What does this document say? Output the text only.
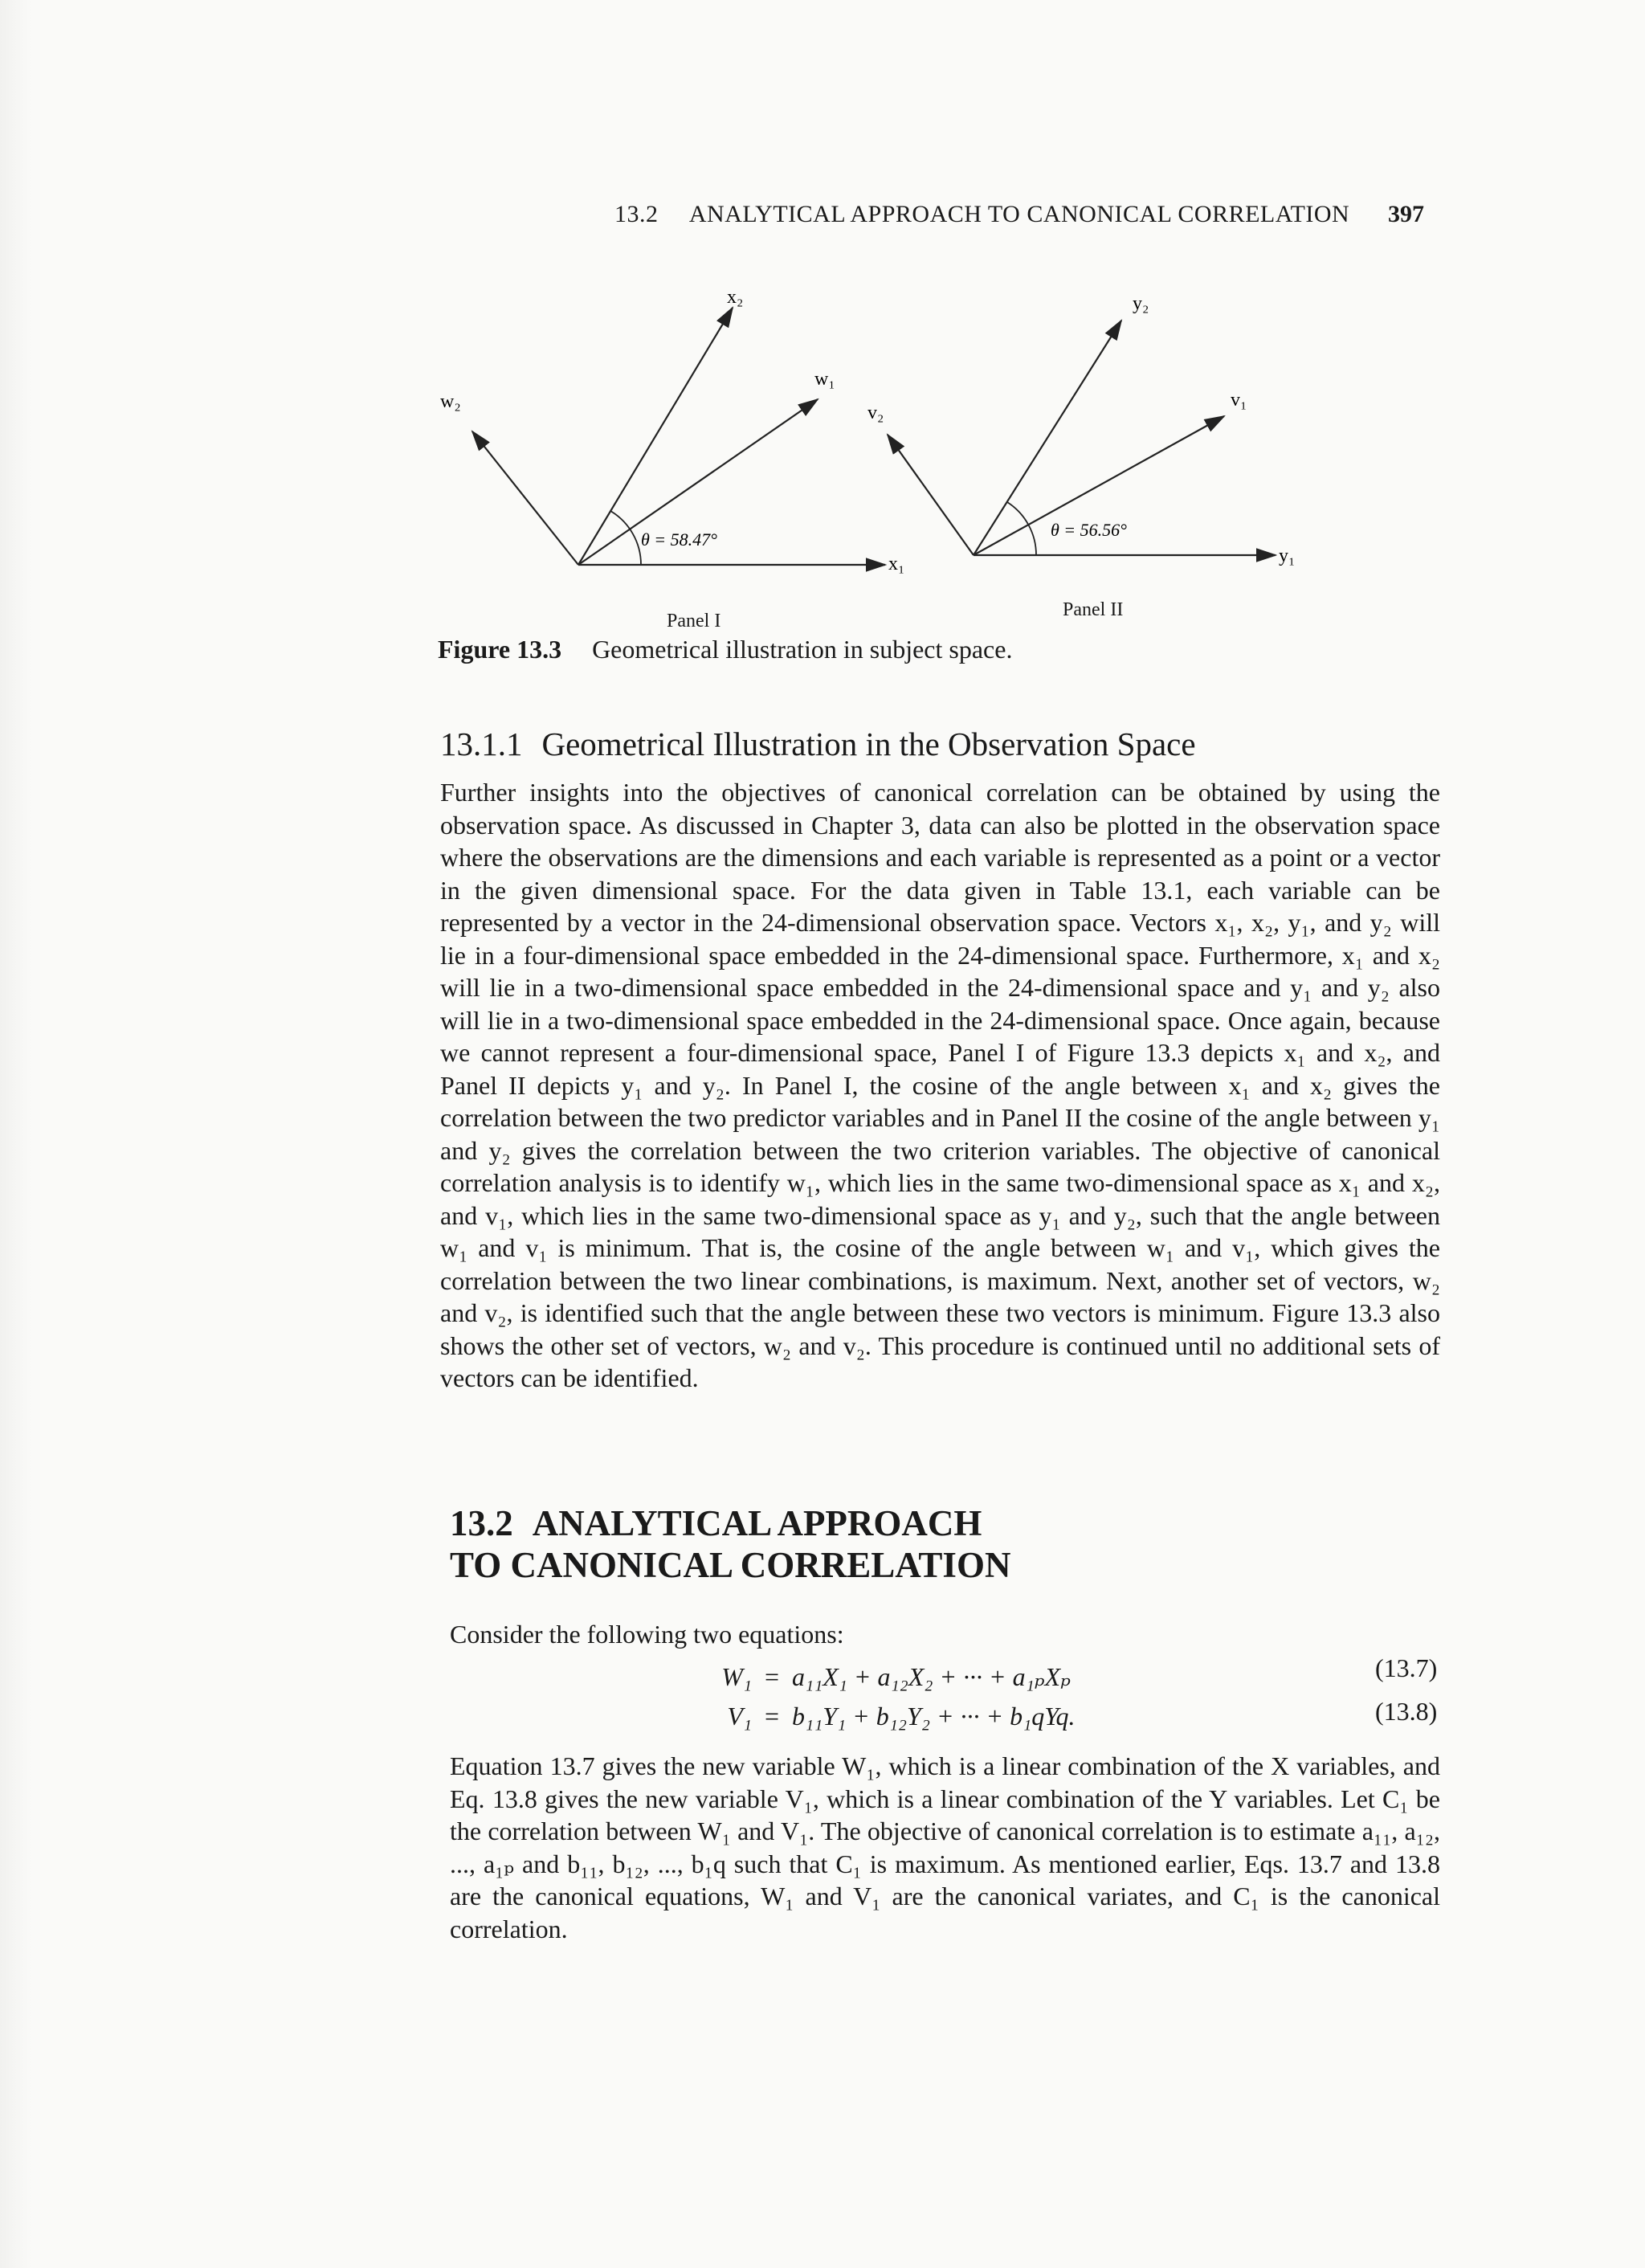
13.2 ANALYTICAL APPROACH TO CANONICAL CORRELATION 397
x₁
x₂
w₁
w₂
θ = 58.47°
y₁
y₂
v₁
v₂
θ = 56.56°
Panel I
Panel II
Figure 13.3 Geometrical illustration in subject space.
13.1.1 Geometrical Illustration in the Observation Space

Further insights into the objectives of canonical correlation can be obtained by using the observation space. As discussed in Chapter 3, data can also be plotted in the observation space where the observations are the dimensions and each variable is represented as a point or a vector in the given dimensional space. For the data given in Table 13.1, each variable can be represented by a vector in the 24-dimensional observation space. Vectors x₁, x₂, y₁, and y₂ will lie in a four-dimensional space embedded in the 24-dimensional space. Furthermore, x₁ and x₂ will lie in a two-dimensional space embedded in the 24-dimensional space and y₁ and y₂ also will lie in a two-dimensional space embedded in the 24-dimensional space. Once again, because we cannot represent a four-dimensional space, Panel I of Figure 13.3 depicts x₁ and x₂, and Panel II depicts y₁ and y₂. In Panel I, the cosine of the angle between x₁ and x₂ gives the correlation between the two predictor variables and in Panel II the cosine of the angle between y₁ and y₂ gives the correlation between the two criterion variables. The objective of canonical correlation analysis is to identify w₁, which lies in the same two-dimensional space as x₁ and x₂, and v₁, which lies in the same two-dimensional space as y₁ and y₂, such that the angle between w₁ and v₁ is minimum. That is, the cosine of the angle between w₁ and v₁, which gives the correlation between the two linear combinations, is maximum. Next, another set of vectors, w₂ and v₂, is identified such that the angle between these two vectors is minimum. Figure 13.3 also shows the other set of vectors, w₂ and v₂. This procedure is continued until no additional sets of vectors can be identified.

13.2 ANALYTICAL APPROACH
TO CANONICAL CORRELATION

Consider the following two equations:

W₁ = a₁₁X₁ + a₁₂X₂ + ··· + a₁ₚXₚ	(13.7)
V₁ = b₁₁Y₁ + b₁₂Y₂ + ··· + b₁qYq.	(13.8)

Equation 13.7 gives the new variable W₁, which is a linear combination of the X variables, and Eq. 13.8 gives the new variable V₁, which is a linear combination of the Y variables. Let C₁ be the correlation between W₁ and V₁. The objective of canonical correlation is to estimate a₁₁, a₁₂, ..., a₁ₚ and b₁₁, b₁₂, ..., b₁q such that C₁ is maximum. As mentioned earlier, Eqs. 13.7 and 13.8 are the canonical equations, W₁ and V₁ are the canonical variates, and C₁ is the canonical correlation.
